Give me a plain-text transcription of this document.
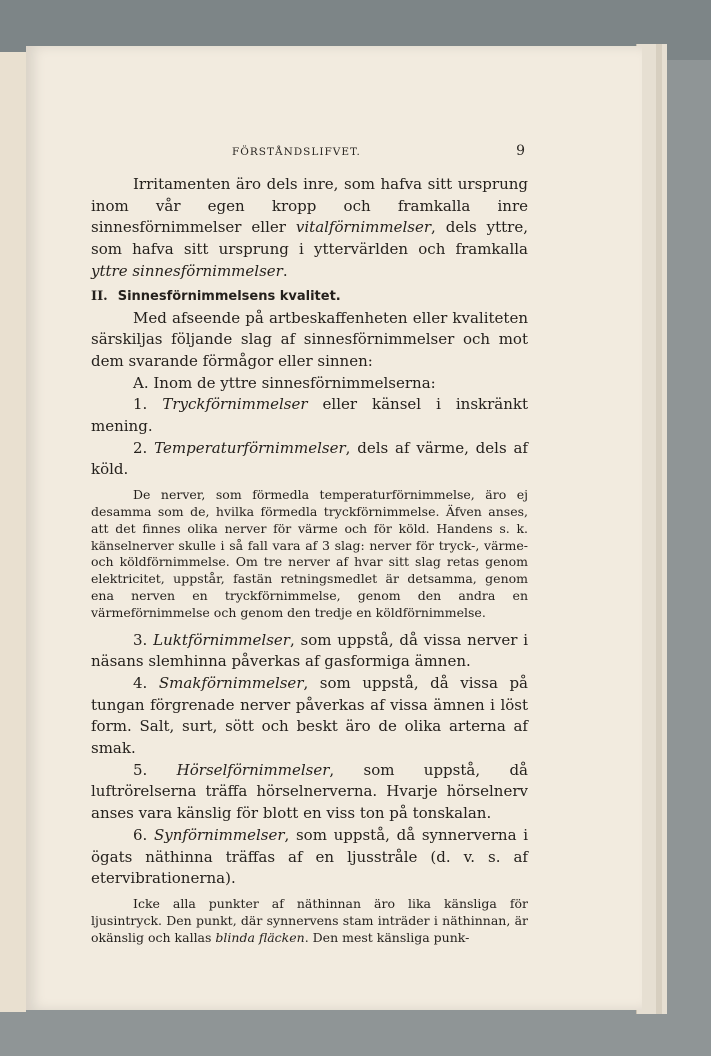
FÖRSTÅNDSLIFVET.	9

Irritamenten äro dels inre, som hafva sitt ursprung inom vår egen kropp och framkalla inre sinnesförnimmelser eller vitalförnimmelser, dels yttre, som hafva sitt ursprung i yttervärlden och framkalla yttre sinnesförnimmelser.

II. Sinnesförnimmelsens kvalitet.

Med afseende på artbeskaffenheten eller kvaliteten särskiljas följande slag af sinnesförnimmelser och mot dem svarande förmågor eller sinnen:

A. Inom de yttre sinnesförnimmelserna:

1. Tryckförnimmelser eller känsel i inskränkt mening.

2. Temperaturförnimmelser, dels af värme, dels af köld.

De nerver, som förmedla temperaturförnimmelse, äro ej desamma som de, hvilka förmedla tryckförnimmelse. Äfven anses, att det finnes olika nerver för värme och för köld. Handens s. k. känselnerver skulle i så fall vara af 3 slag: nerver för tryck-, värme- och köldförnimmelse. Om tre nerver af hvar sitt slag retas genom elektricitet, uppstår, fastän retningsmedlet är detsamma, genom ena nerven en tryckförnimmelse, genom den andra en värmeförnimmelse och genom den tredje en köldförnimmelse.

3. Luktförnimmelser, som uppstå, då vissa nerver i näsans slemhinna påverkas af gasformiga ämnen.

4. Smakförnimmelser, som uppstå, då vissa på tungan förgrenade nerver påverkas af vissa ämnen i löst form. Salt, surt, sött och beskt äro de olika arterna af smak.

5. Hörselförnimmelser, som uppstå, då luftrörelserna träffa hörselnerverna. Hvarje hörselnerv anses vara känslig för blott en viss ton på tonskalan.

6. Synförnimmelser, som uppstå, då synnerverna i ögats näthinna träffas af en ljusstråle (d. v. s. af etervibrationerna).

Icke alla punkter af näthinnan äro lika känsliga för ljusintryck. Den punkt, där synnervens stam inträder i näthinnan, är okänslig och kallas blinda fläcken. Den mest känsliga punk-
